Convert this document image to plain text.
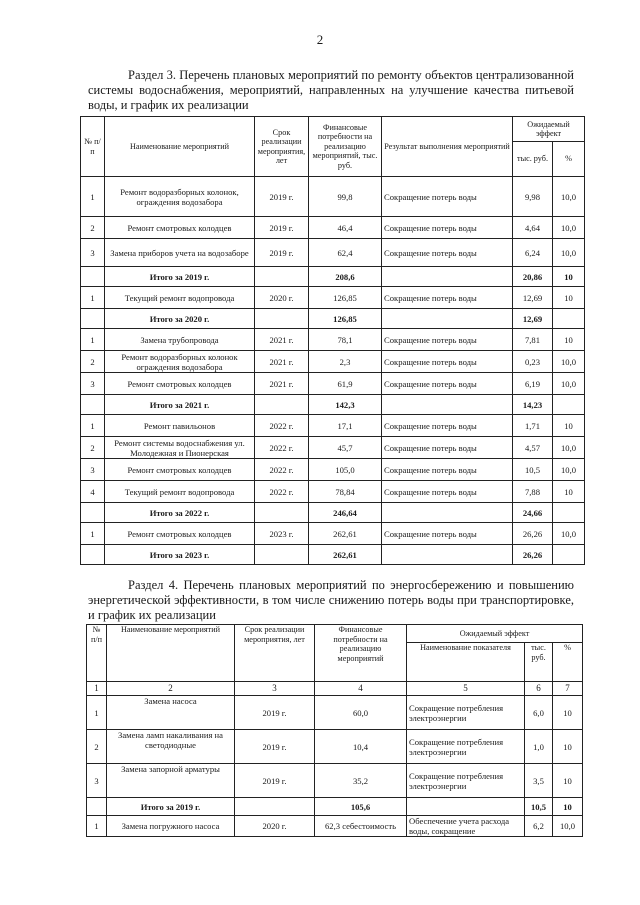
2
Раздел 3. Перечень плановых мероприятий по ремонту объектов централизованной системы водоснабжения, мероприятий, направленных на улучшение качества питьевой воды, и график их реализации
№ п/п	Наименование мероприятий	Срок реализации мероприятия, лет	Финансовые потребности на реализацию мероприятий, тыс. руб.	Результат выполнения мероприятий	Ожидаемый эффект	
					тыс. руб.	%
1	Ремонт водоразборных колонок, ограждения водозабора	2019 г.	99,8	Сокращение потерь воды	9,98	10,0
2	Ремонт смотровых колодцев	2019 г.	46,4	Сокращение потерь воды	4,64	10,0
3	Замена приборов учета на водозаборе	2019 г.	62,4	Сокращение потерь воды	6,24	10,0
	Итого за 2019 г.		208,6		20,86	10
1	Текущий ремонт водопровода	2020 г.	126,85	Сокращение потерь воды	12,69	10
	Итого за 2020 г.		126,85		12,69	
1	Замена трубопровода	2021 г.	78,1	Сокращение потерь воды	7,81	10
2	Ремонт водоразборных колонок ограждения водозабора	2021 г.	2,3	Сокращение потерь воды	0,23	10,0
3	Ремонт смотровых колодцев	2021 г.	61,9	Сокращение потерь воды	6,19	10,0
	Итого за 2021 г.		142,3		14,23	
1	Ремонт павильонов	2022 г.	17,1	Сокращение потерь воды	1,71	10
2	Ремонт системы водоснабжения ул. Молодежная и Пионерская	2022 г.	45,7	Сокращение потерь воды	4,57	10,0
3	Ремонт смотровых колодцев	2022 г.	105,0	Сокращение потерь воды	10,5	10,0
4	Текущий ремонт водопровода	2022 г.	78,84	Сокращение потерь воды	7,88	10
	Итого за 2022 г.		246,64		24,66	
1	Ремонт смотровых колодцев	2023 г.	262,61	Сокращение потерь воды	26,26	10,0
	Итого за 2023 г.		262,61		26,26	
Раздел 4. Перечень плановых мероприятий по энергосбережению и повышению энергетической эффективности, в том числе снижению потерь воды при транспортировке, и график их реализации
№ п/п	Наименование мероприятий	Срок реализации мероприятия, лет	Финансовые потребности на реализацию мероприятий	Ожидаемый эффект		
				Наименование показателя	тыс. руб.	%
1	2	3	4	5	6	7
1	Замена насоса	2019 г.	60,0	Сокращение потребления электроэнергии	6,0	10
2	Замена ламп накаливания на светодиодные	2019 г.	10,4	Сокращение потребления электроэнергии	1,0	10
3	Замена запорной арматуры	2019 г.	35,2	Сокращение потребления электроэнергии	3,5	10
	Итого за 2019 г.		105,6		10,5	10
1	Замена погружного насоса	2020 г.	62,3 себестоимость	Обеспечение учета расхода воды, сокращение	6,2	10,0
